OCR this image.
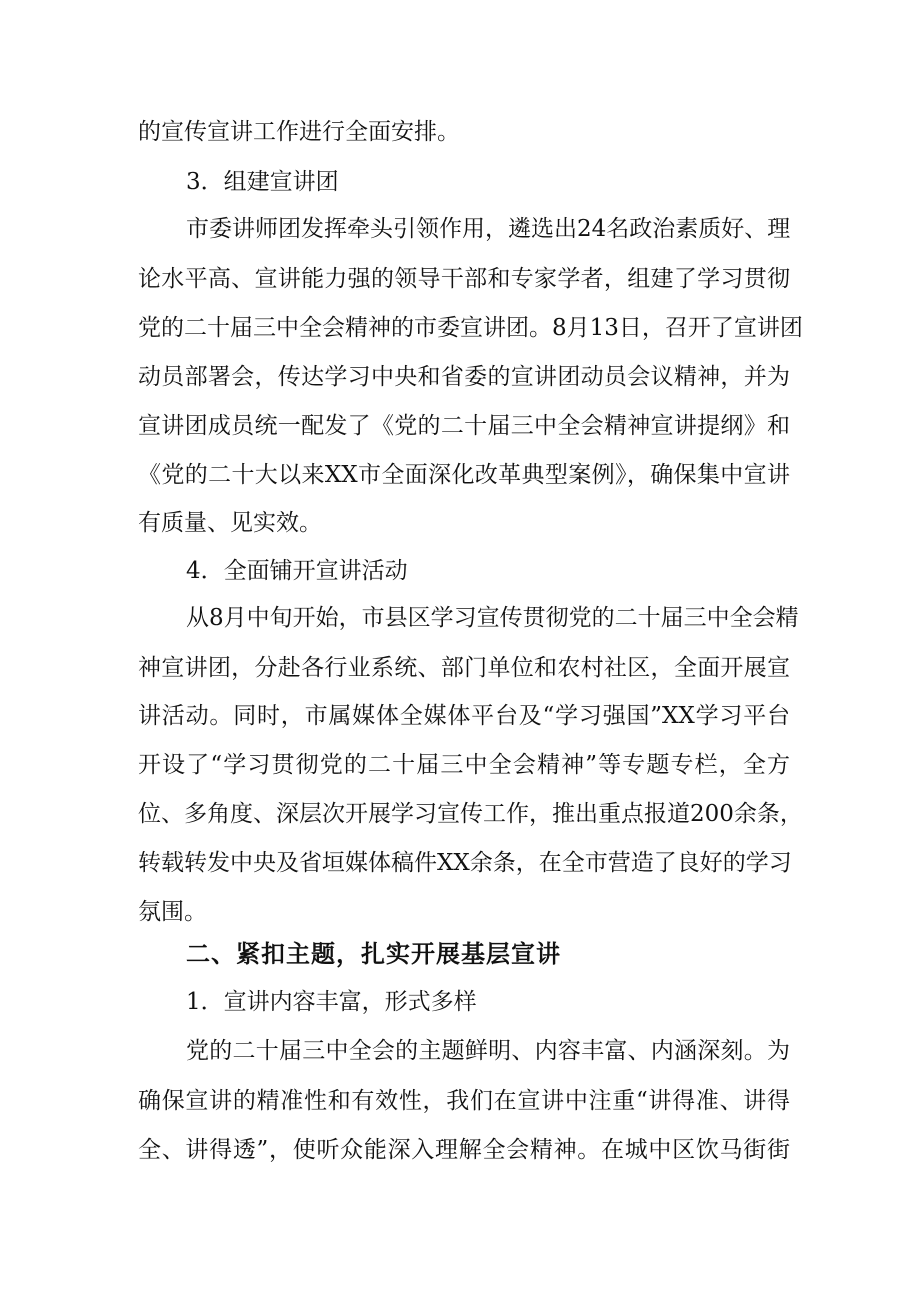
的宣传宣讲工作进行全面安排。
3．组建宣讲团
市委讲师团发挥牵头引领作用，遴选出24名政治素质好、理
论水平高、宣讲能力强的领导干部和专家学者，组建了学习贯彻
党的二十届三中全会精神的市委宣讲团。8月13日，召开了宣讲团
动员部署会，传达学习中央和省委的宣讲团动员会议精神，并为
宣讲团成员统一配发了《党的二十届三中全会精神宣讲提纲》和
《党的二十大以来XX市全面深化改革典型案例》，确保集中宣讲
有质量、见实效。
4．全面铺开宣讲活动
从8月中旬开始，市县区学习宣传贯彻党的二十届三中全会精
神宣讲团，分赴各行业系统、部门单位和农村社区，全面开展宣
讲活动。同时，市属媒体全媒体平台及“学习强国”XX学习平台
开设了“学习贯彻党的二十届三中全会精神”等专题专栏，全方
位、多角度、深层次开展学习宣传工作，推出重点报道200余条，
转载转发中央及省垣媒体稿件XX余条，在全市营造了良好的学习
氛围。
二、紧扣主题，扎实开展基层宣讲
1．宣讲内容丰富，形式多样
党的二十届三中全会的主题鲜明、内容丰富、内涵深刻。为
确保宣讲的精准性和有效性，我们在宣讲中注重“讲得准、讲得
全、讲得透”，使听众能深入理解全会精神。在城中区饮马街街
